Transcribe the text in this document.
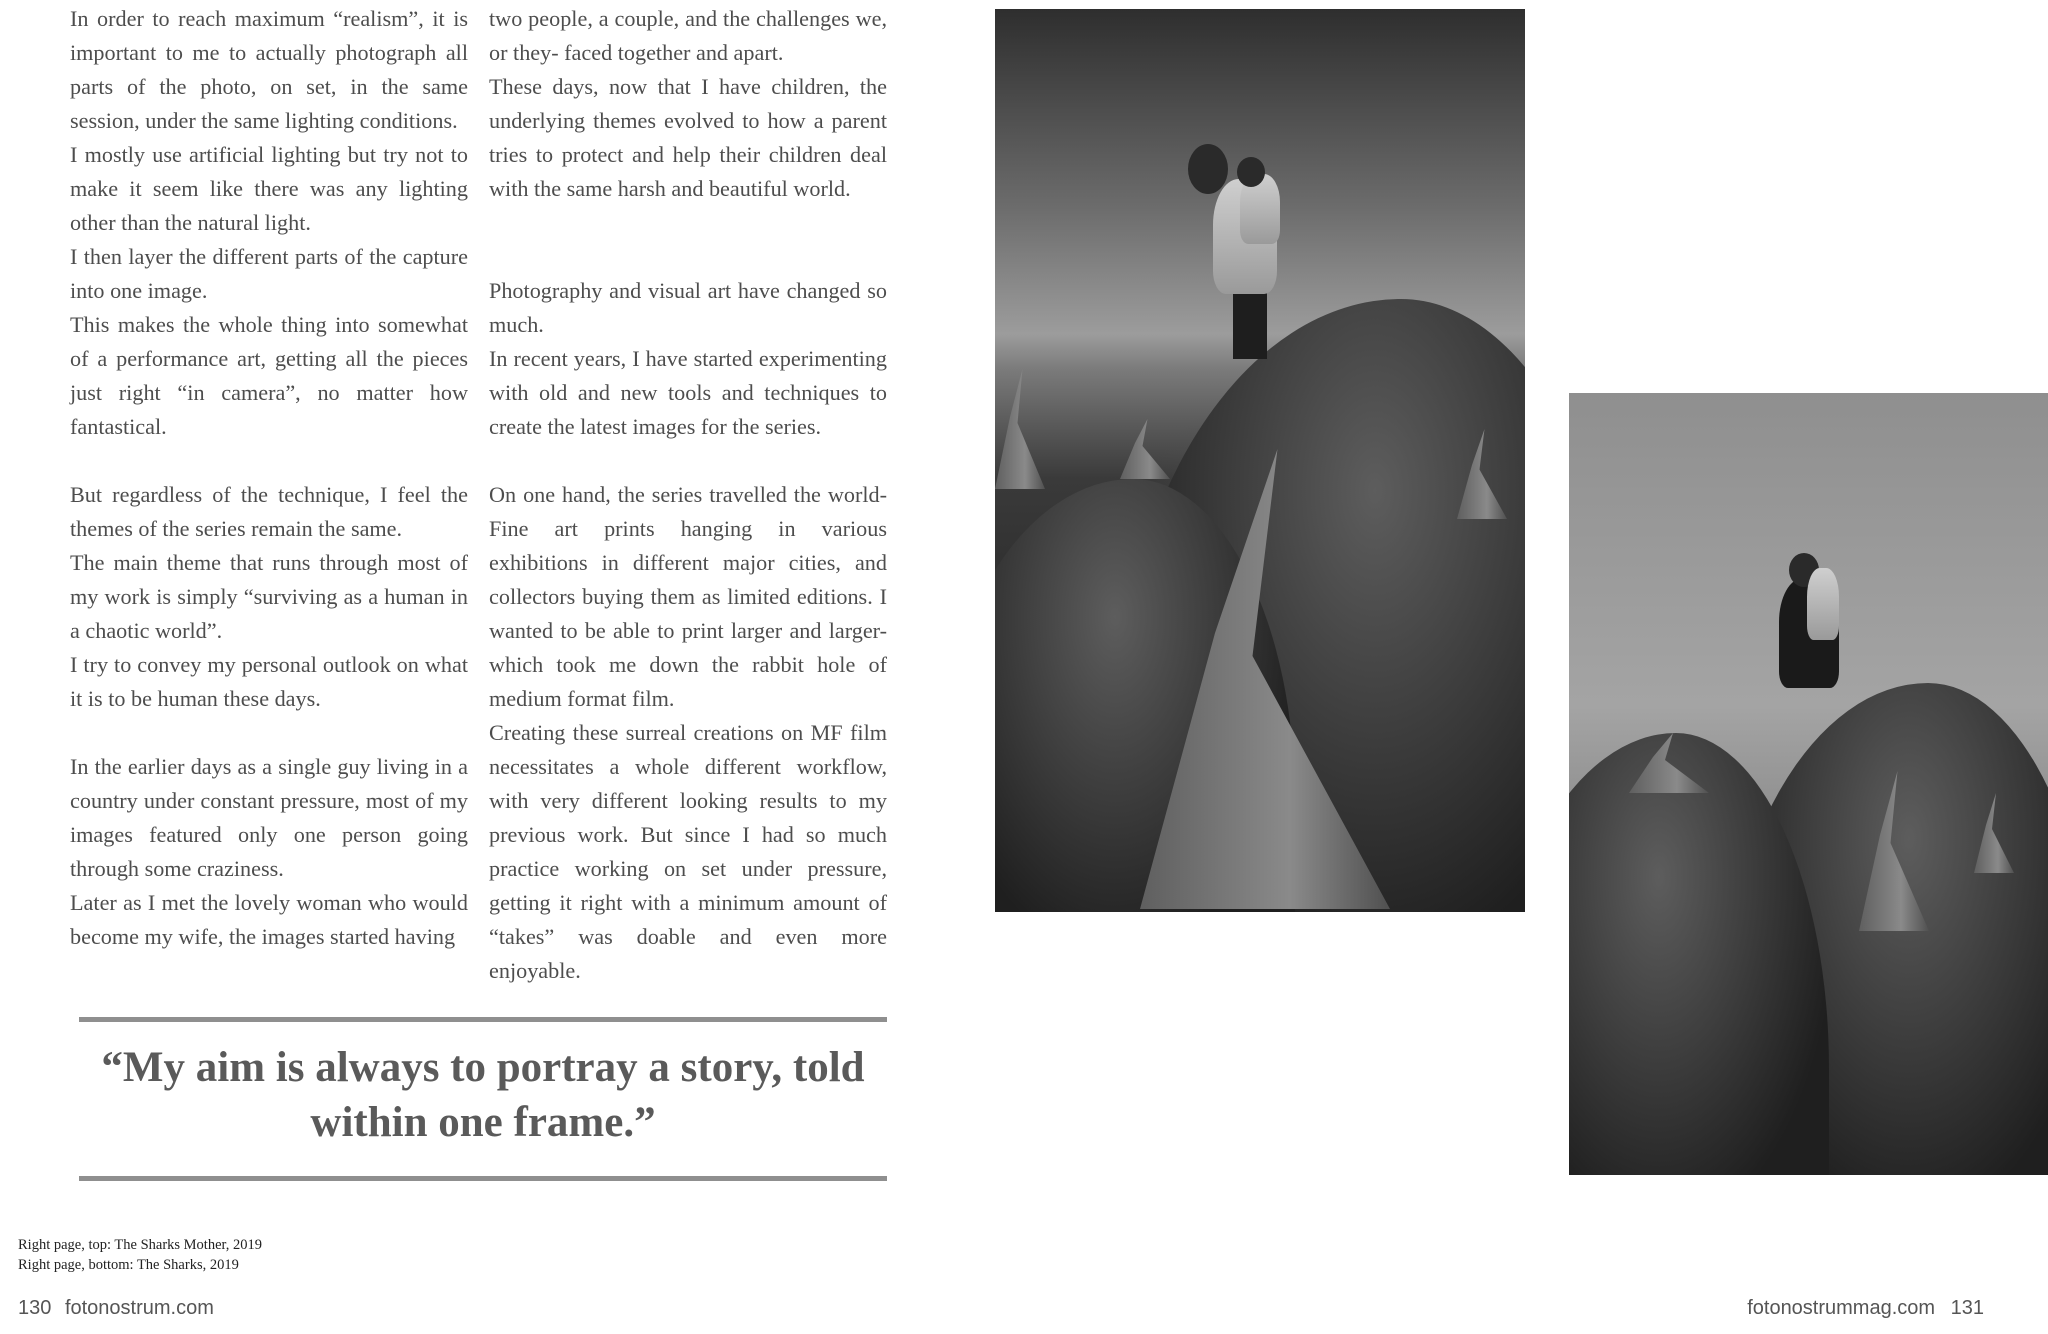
In order to reach maximum “realism”, it is important to me to actually photograph all parts of the photo, on set, in the same session, under the same lighting conditions.

I mostly use artificial lighting but try not to make it seem like there was any lighting other than the natural light.

I then layer the different parts of the capture into one image.

This makes the whole thing into somewhat of a performance art, getting all the pieces just right “in camera”, no matter how fantastical.

But regardless of the technique, I feel the themes of the series remain the same.

The main theme that runs through most of my work is simply “surviving as a human in a chaotic world”.

I try to convey my personal outlook on what it is to be human these days.

In the earlier days as a single guy living in a country under constant pressure, most of my images featured only one person going through some craziness.

Later as I met the lovely woman who would become my wife, the images started having

two people, a couple, and the challenges we, or they- faced together and apart.

These days, now that I have children, the underlying themes evolved to how a parent tries to protect and help their children deal with the same harsh and beautiful world.

Photography and visual art have changed so much.

In recent years, I have started experimenting with old and new tools and techniques to create the latest images for the series.

On one hand, the series travelled the world- Fine art prints hanging in various exhibitions in different major cities, and collectors buying them as limited editions. I wanted to be able to print larger and larger- which took me down the rabbit hole of medium format film.

Creating these surreal creations on MF film necessitates a whole different workflow, with very different looking results to my previous work. But since I had so much practice working on set under pressure, getting it right with a minimum amount of “takes” was doable and even more enjoyable.

“My aim is always to portray a story, told within one frame.”

Right page, top: The Sharks Mother, 2019
Right page, bottom: The Sharks, 2019
130 fotonostrum.com	fotonostrummag.com 131
